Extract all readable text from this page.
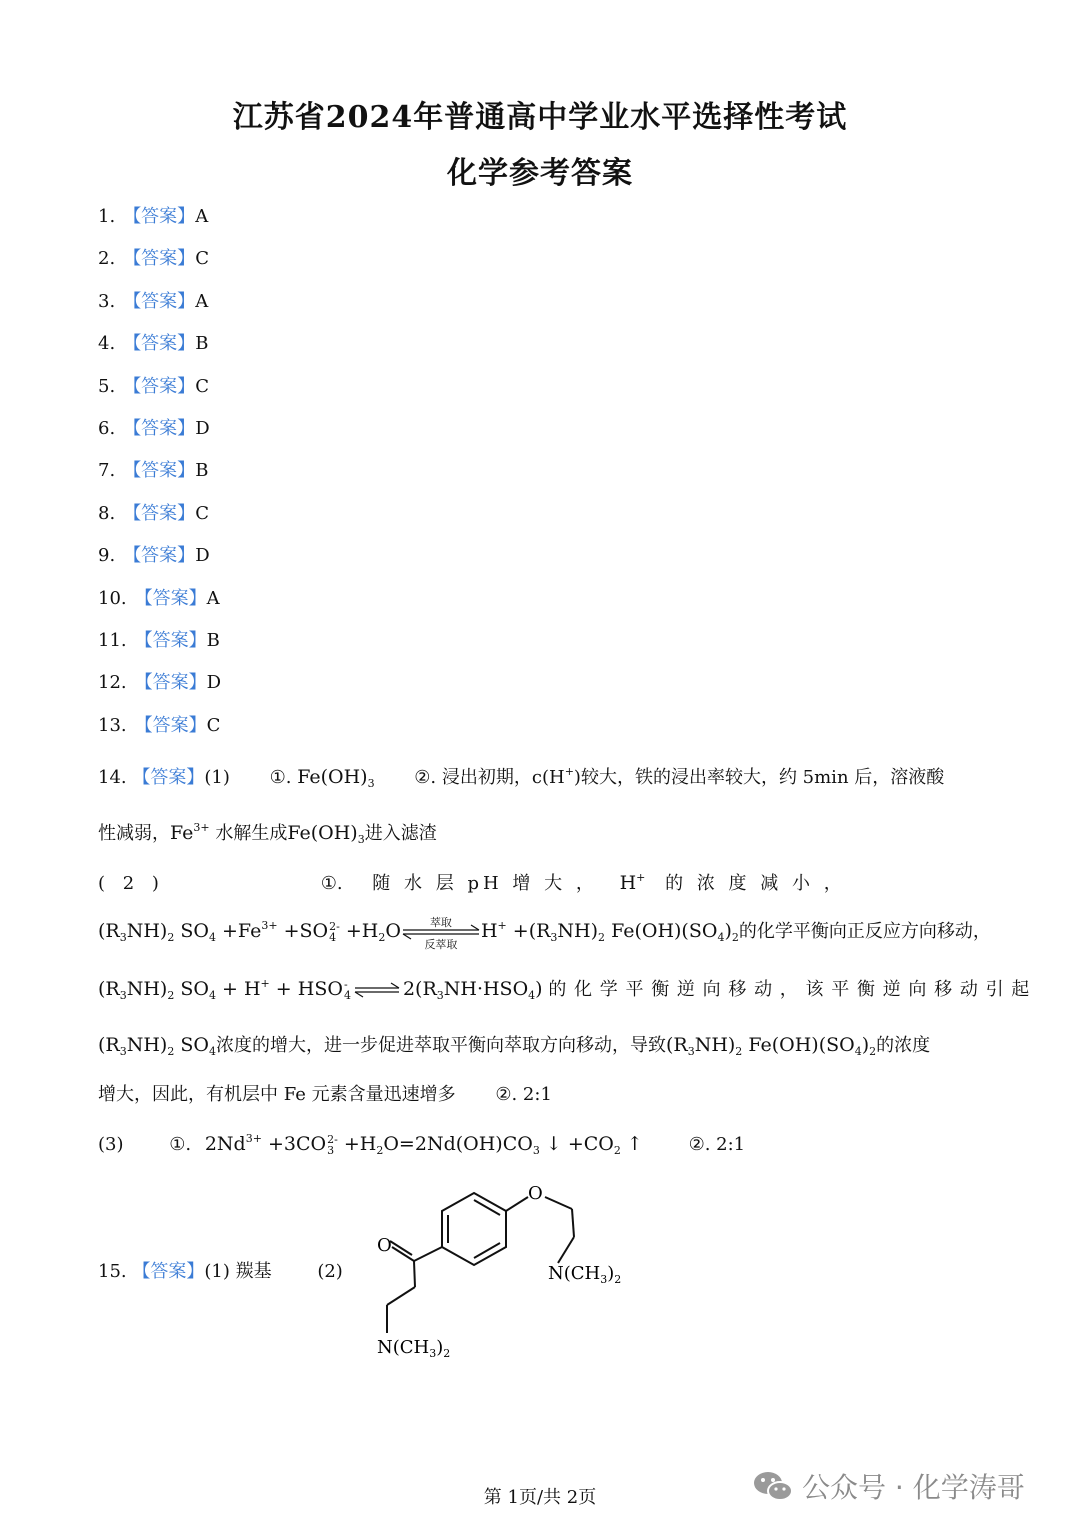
江苏省2024年普通高中学业水平选择性考试
化学参考答案
1. 【答案】A
2. 【答案】C
3. 【答案】A
4. 【答案】B
5. 【答案】C
6. 【答案】D
7. 【答案】B
8. 【答案】C
9. 【答案】D
10. 【答案】A
11. 【答案】B
12. 【答案】D
13. 【答案】C
14. 【答案】(1) ①. $Fe(OH)_3$ ②. 浸出初期，c(H+)较大，铁的浸出率较大，约 5min 后，溶液酸
性减弱，$Fe^{3+}$ 水解生成$Fe(OH)_3$进入滤渣
( 2 )	①. 随 水 层 pH 增 大 ， H+ 的 浓 度 减 小 ，
$(R_3NH)_2$ $SO_4 +Fe^{3+} +SO$ 2-
$4 +H_2O$	萃取
反萃取
$H^+ +(R_3NH)_2$ $Fe(OH)(SO_4)_2$的化学平衡向正反应方向移动，
$(R_3NH)_2$ $SO_4 + H^+$ + HSO -
4 ⇌ $2(R_3NH\cdot HSO_4)$ 的 化 学 平 衡 逆 向 移 动 ， 该 平 衡 逆 向 移 动 引 起
$(R_3NH)_2$ $SO_4$浓度的增大，进一步促进萃取平衡向萃取方向移动，导致$(R_3NH)_2$ $Fe(OH)(SO_4)_2$的浓度
增大，因此，有机层中 Fe 元素含量迅速增多 ②. 2:1
(3)	①. $2Nd^{3+} +3CO$ 2-
$3 +H_2O=2Nd(OH)CO_3$ ↓ $+CO_2$ ↑	②. 2:1
15. 【答案】(1) 羰基	(2)
O
O
$N(CH_3)_2$
$N(CH_3)_2$
第 1页/共 2页	公众号 · 化学涛哥
